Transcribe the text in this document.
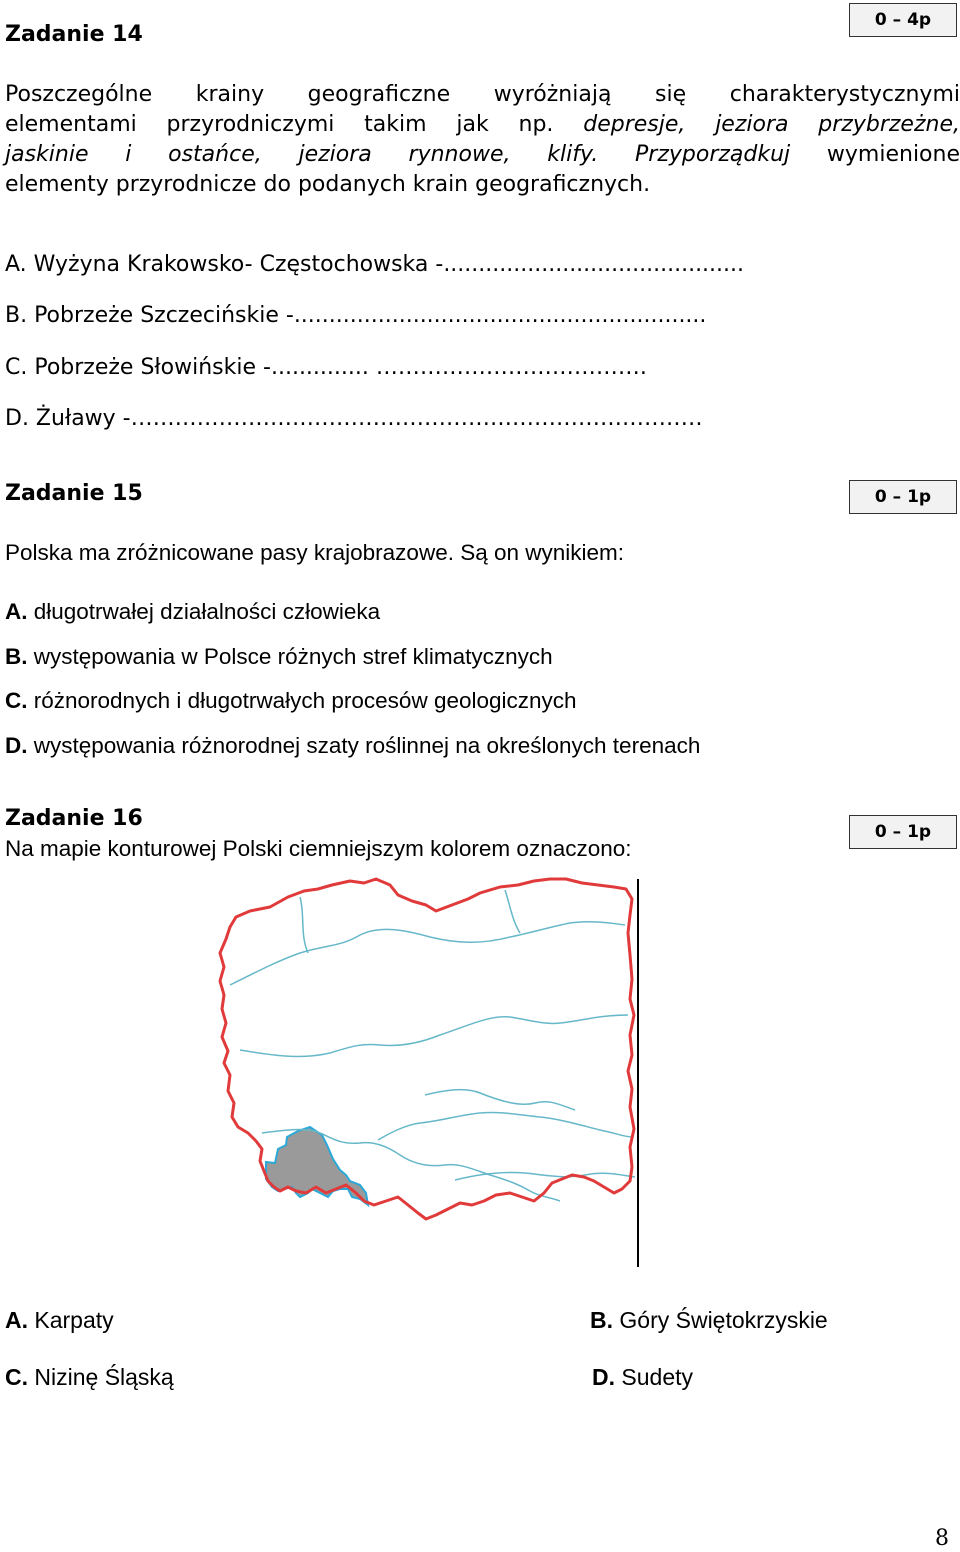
Zadanie 14
0 – 4p
Poszczególne krainy geograficzne wyróżniają się charakterystycznymi
elementami przyrodniczymi takim jak np. depresje, jeziora przybrzeżne,
jaskinie i ostańce, jeziora rynnowe, klify. Przyporządkuj wymienione
elementy przyrodnicze do podanych krain geograficznych.
A. Wyżyna Krakowsko- Częstochowska -...........................................
B. Pobrzeże Szczecińskie -...........................................................
C. Pobrzeże Słowińskie -.............. ……………………………….
D. Żuławy -……………………………………………………………………
Zadanie 15	0 – 1p
Polska ma zróżnicowane pasy krajobrazowe. Są on wynikiem:
A. długotrwałej działalności człowieka
B. występowania w Polsce różnych stref klimatycznych
C. różnorodnych i długotrwałych procesów geologicznych
D. występowania różnorodnej szaty roślinnej na określonych terenach
Zadanie 16
Na mapie konturowej Polski ciemniejszym kolorem oznaczono:
0 – 1p
A. Karpaty	B. Góry Świętokrzyskie
C. Nizinę Śląską	D. Sudety
8
